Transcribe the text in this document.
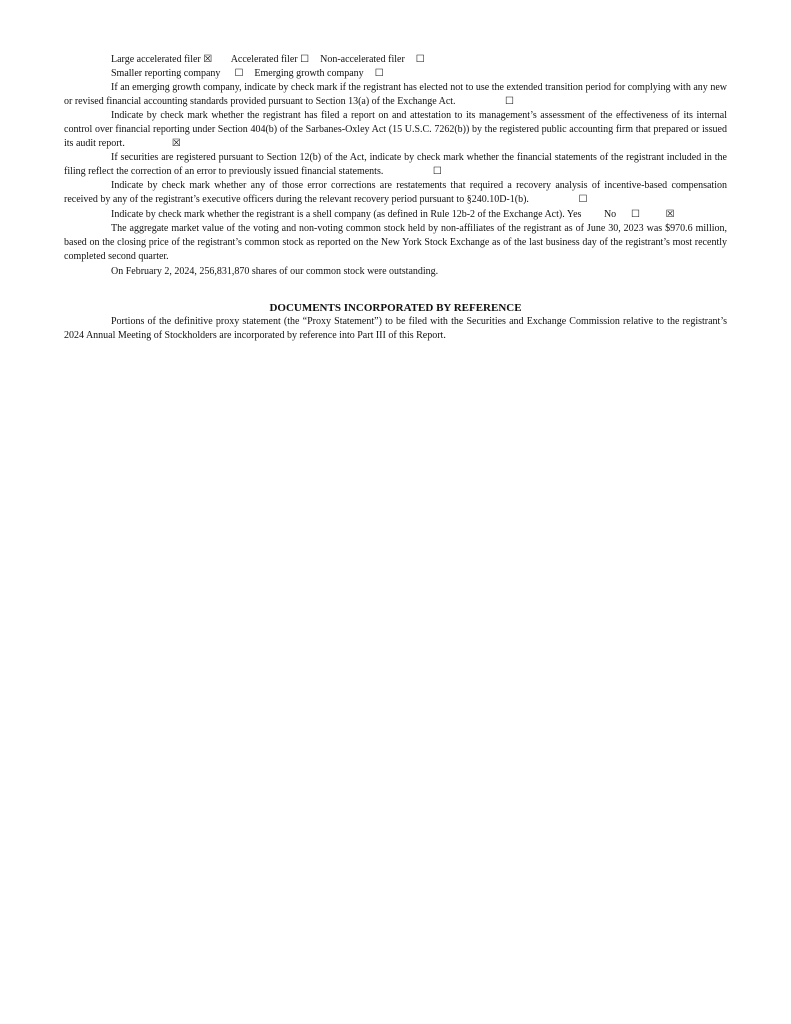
Large accelerated filer ☒ Accelerated filer ☐ Non-accelerated filer ☐
Smaller reporting company ☐ Emerging growth company ☐

If an emerging growth company, indicate by check mark if the registrant has elected not to use the extended transition period for complying with any new or revised financial accounting standards provided pursuant to Section 13(a) of the Exchange Act.	☐

Indicate by check mark whether the registrant has filed a report on and attestation to its management’s assessment of the effectiveness of its internal control over financial reporting under Section 404(b) of the Sarbanes-Oxley Act (15 U.S.C. 7262(b)) by the registered public accounting firm that prepared or issued its audit report.	☒

If securities are registered pursuant to Section 12(b) of the Act, indicate by check mark whether the financial statements of the registrant included in the filing reflect the correction of an error to previously issued financial statements.	☐

Indicate by check mark whether any of those error corrections are restatements that required a recovery analysis of incentive-based compensation received by any of the registrant’s executive officers during the relevant recovery period pursuant to §240.10D-1(b).	☐

Indicate by check mark whether the registrant is a shell company (as defined in Rule 12b-2 of the Exchange Act). Yes	☐  No	☒

The aggregate market value of the voting and non-voting common stock held by non-affiliates of the registrant as of June 30, 2023 was $970.6 million, based on the closing price of the registrant’s common stock as reported on the New York Stock Exchange as of the last business day of the registrant’s most recently completed second quarter.

On February 2, 2024, 256,831,870 shares of our common stock were outstanding.

DOCUMENTS INCORPORATED BY REFERENCE

Portions of the definitive proxy statement (the “Proxy Statement”) to be filed with the Securities and Exchange Commission relative to the registrant’s 2024 Annual Meeting of Stockholders are incorporated by reference into Part III of this Report.
